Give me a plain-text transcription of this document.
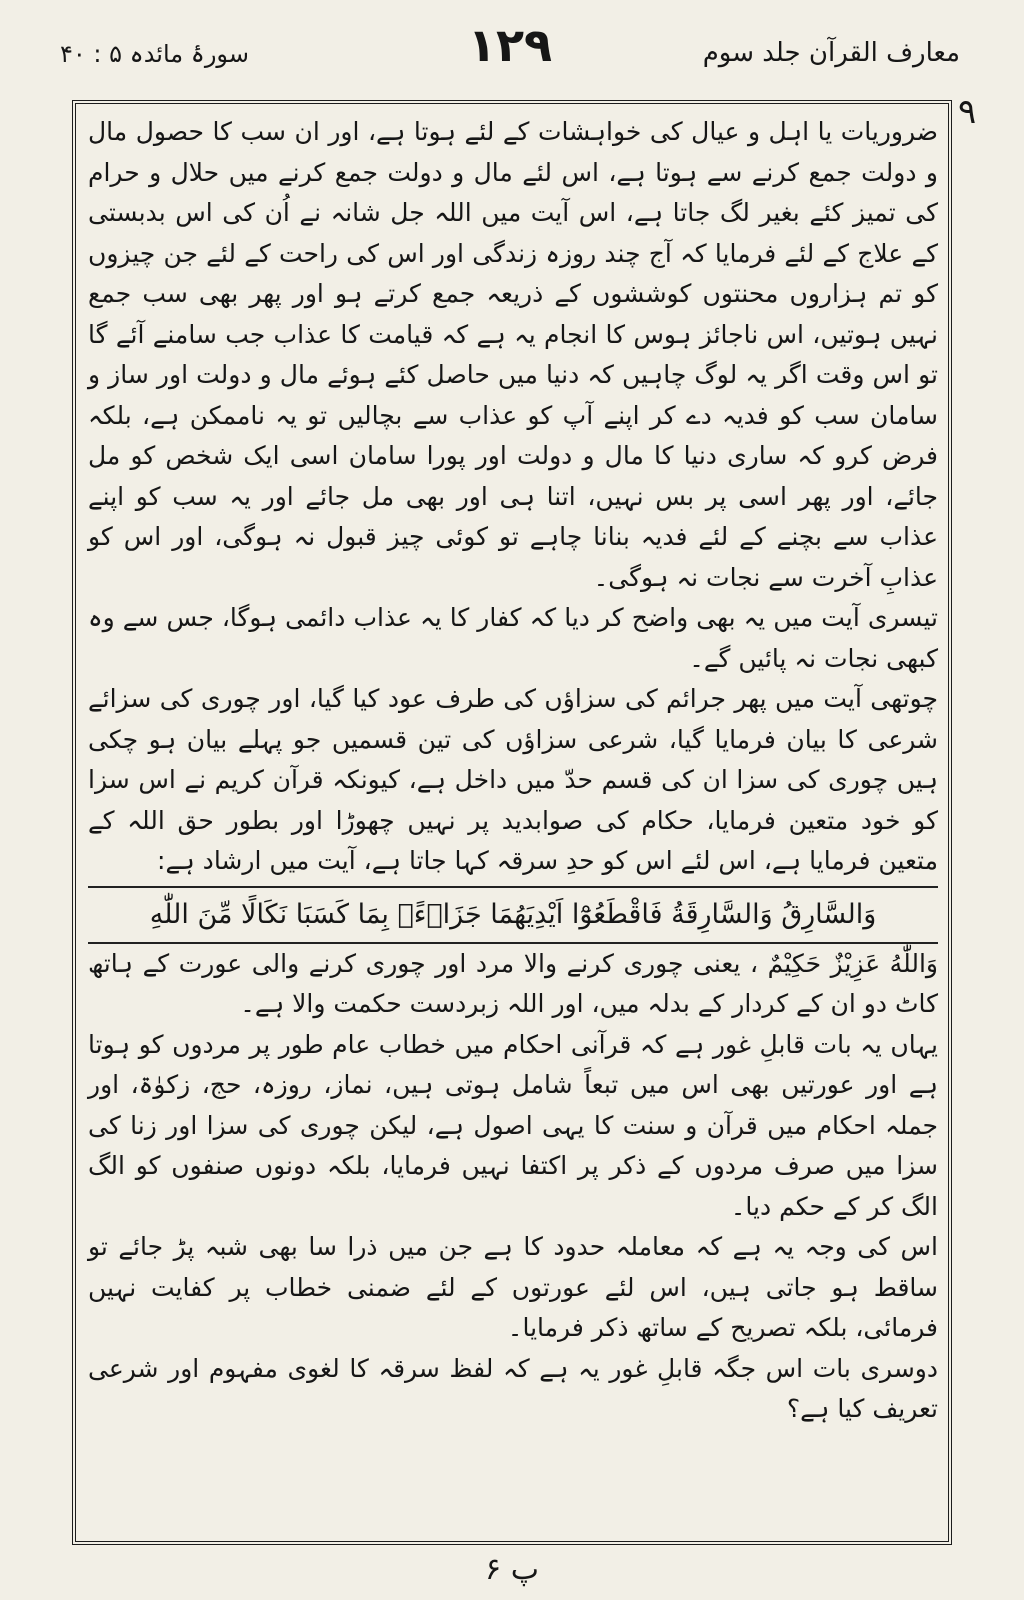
سورۂ مائدہ ۵ : ۴۰	۱۲۹	معارف القرآن جلد سوم
۹

ضروریات یا اہل و عیال کی خواہشات کے لئے ہوتا ہے، اور ان سب کا حصول مال و دولت جمع کرنے سے ہوتا ہے، اس لئے مال و دولت جمع کرنے میں حلال و حرام کی تمیز کئے بغیر لگ جاتا ہے، اس آیت میں اللہ جل شانہ نے اُن کی اس بدبستی کے علاج کے لئے فرمایا کہ آج چند روزہ زندگی اور اس کی راحت کے لئے جن چیزوں کو تم ہزاروں محنتوں کوششوں کے ذریعہ جمع کرتے ہو اور پھر بھی سب جمع نہیں ہوتیں، اس ناجائز ہوس کا انجام یہ ہے کہ قیامت کا عذاب جب سامنے آئے گا تو اس وقت اگر یہ لوگ چاہیں کہ دنیا میں حاصل کئے ہوئے مال و دولت اور ساز و سامان سب کو فدیہ دے کر اپنے آپ کو عذاب سے بچالیں تو یہ ناممکن ہے، بلکہ فرض کرو کہ ساری دنیا کا مال و دولت اور پورا سامان اسی ایک شخص کو مل جائے، اور پھر اسی پر بس نہیں، اتنا ہی اور بھی مل جائے اور یہ سب کو اپنے عذاب سے بچنے کے لئے فدیہ بنانا چاہے تو کوئی چیز قبول نہ ہوگی، اور اس کو عذابِ آخرت سے نجات نہ ہوگی۔

تیسری آیت میں یہ بھی واضح کر دیا کہ کفار کا یہ عذاب دائمی ہوگا، جس سے وہ کبھی نجات نہ پائیں گے۔

چوتھی آیت میں پھر جرائم کی سزاؤں کی طرف عود کیا گیا، اور چوری کی سزائے شرعی کا بیان فرمایا گیا، شرعی سزاؤں کی تین قسمیں جو پہلے بیان ہو چکی ہیں چوری کی سزا ان کی قسم حدّ میں داخل ہے، کیونکہ قرآن کریم نے اس سزا کو خود متعین فرمایا، حکام کی صوابدید پر نہیں چھوڑا اور بطور حق اللہ کے متعین فرمایا ہے، اس لئے اس کو حدِ سرقہ کہا جاتا ہے، آیت میں ارشاد ہے:

وَالسَّارِقُ وَالسَّارِقَةُ فَاقْطَعُوْٓا اَيْدِيَهُمَا جَزَاۗءًۢ بِمَا كَسَبَا نَكَالًا مِّنَ اللّٰهِ

وَاللّٰهُ عَزِيْزٌ حَكِيْمٌ ، یعنی چوری کرنے والا مرد اور چوری کرنے والی عورت کے ہاتھ کاٹ دو ان کے کردار کے بدلہ میں، اور اللہ زبردست حکمت والا ہے۔

یہاں یہ بات قابلِ غور ہے کہ قرآنی احکام میں خطاب عام طور پر مردوں کو ہوتا ہے اور عورتیں بھی اس میں تبعاً شامل ہوتی ہیں، نماز، روزہ، حج، زکوٰۃ، اور جملہ احکام میں قرآن و سنت کا یہی اصول ہے، لیکن چوری کی سزا اور زنا کی سزا میں صرف مردوں کے ذکر پر اکتفا نہیں فرمایا، بلکہ دونوں صنفوں کو الگ الگ کر کے حکم دیا۔

اس کی وجہ یہ ہے کہ معاملہ حدود کا ہے جن میں ذرا سا بھی شبہ پڑ جائے تو ساقط ہو جاتی ہیں، اس لئے عورتوں کے لئے ضمنی خطاب پر کفایت نہیں فرمائی، بلکہ تصریح کے ساتھ ذکر فرمایا۔

دوسری بات اس جگہ قابلِ غور یہ ہے کہ لفظ سرقہ کا لغوی مفہوم اور شرعی تعریف کیا ہے؟

پ ۶
